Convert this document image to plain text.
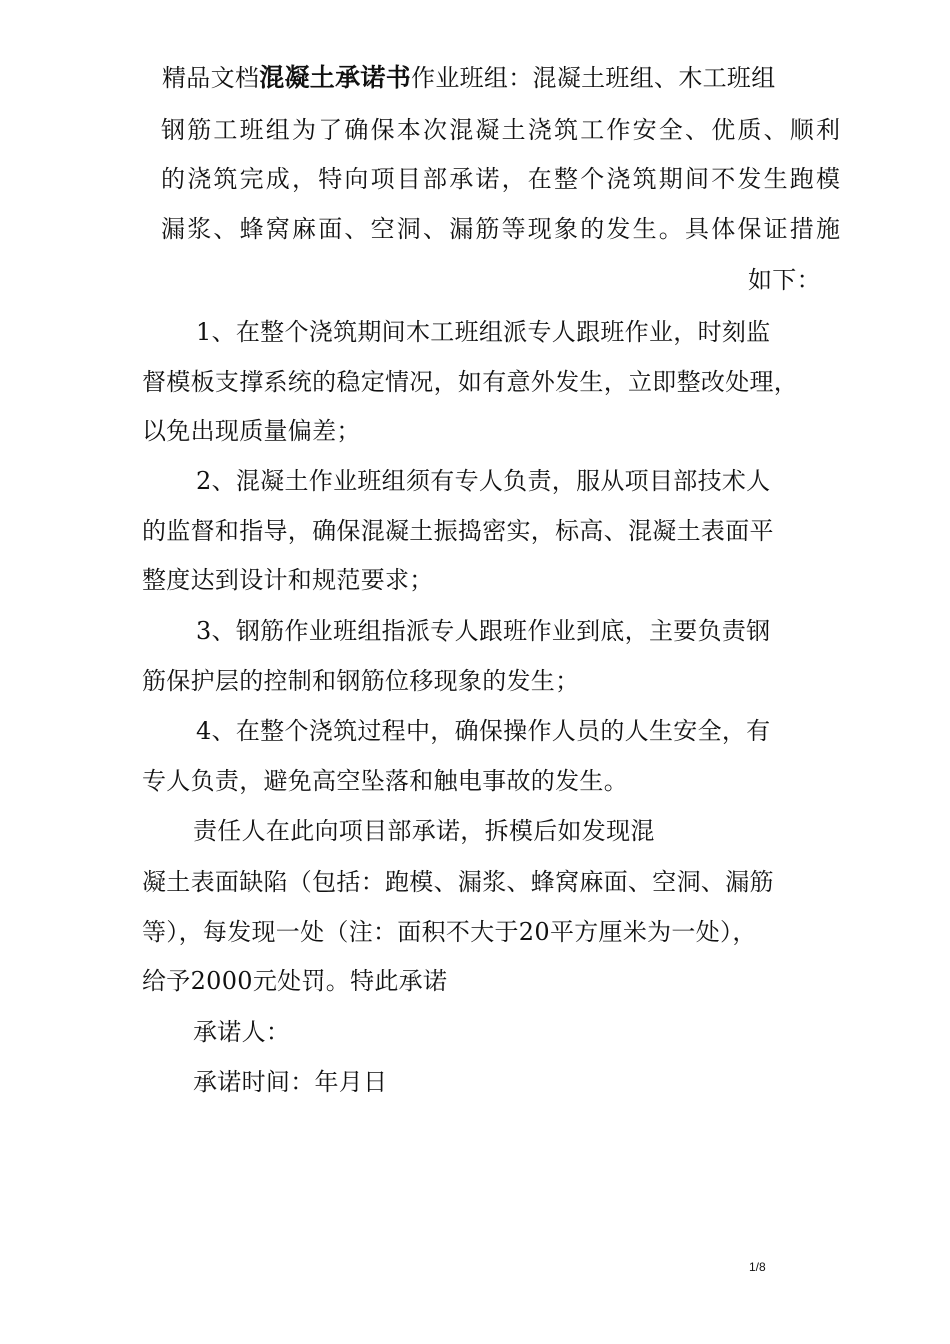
精品文档混凝土承诺书作业班组：混凝土班组、木工班组
钢筋工班组为了确保本次混凝土浇筑工作安全、优质、顺利
的浇筑完成，特向项目部承诺，在整个浇筑期间不发生跑模
漏浆、蜂窝麻面、空洞、漏筋等现象的发生。具体保证措施
如下：
1、在整个浇筑期间木工班组派专人跟班作业，时刻监
督模板支撑系统的稳定情况，如有意外发生，立即整改处理，
以免出现质量偏差；
2、混凝土作业班组须有专人负责，服从项目部技术人
的监督和指导，确保混凝土振捣密实，标高、混凝土表面平
整度达到设计和规范要求；
3、钢筋作业班组指派专人跟班作业到底，主要负责钢
筋保护层的控制和钢筋位移现象的发生；
4、在整个浇筑过程中，确保操作人员的人生安全，有
专人负责，避免高空坠落和触电事故的发生。
责任人在此向项目部承诺，拆模后如发现混
凝土表面缺陷（包括：跑模、漏浆、蜂窝麻面、空洞、漏筋
等），每发现一处（注：面积不大于20平方厘米为一处），
给予2000元处罚。特此承诺
承诺人：
承诺时间：年月日
1/8
